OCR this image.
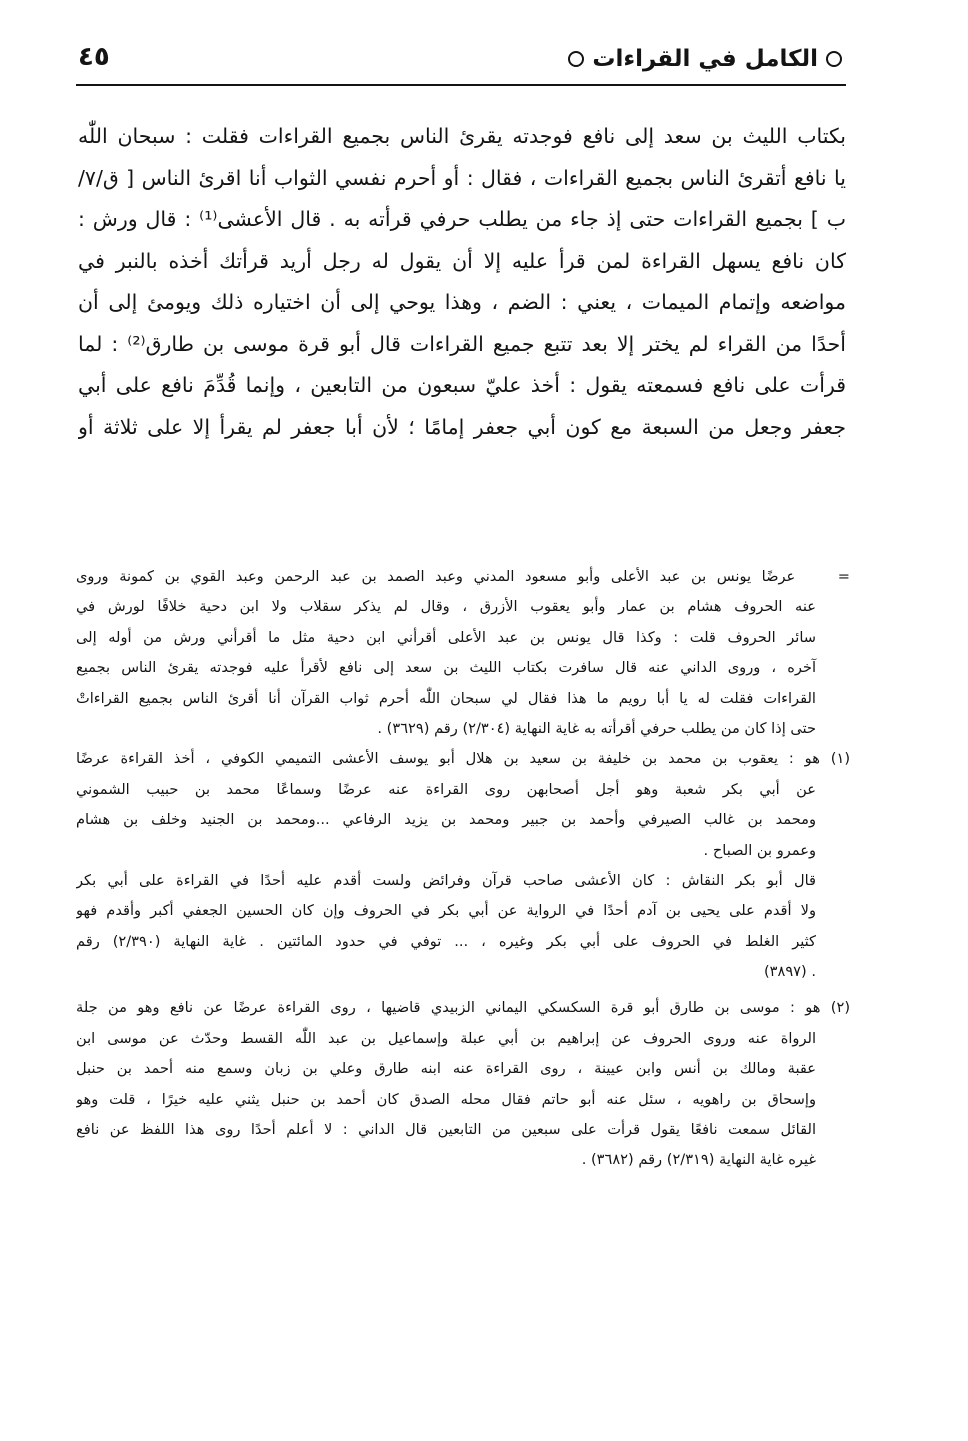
الكامل في القراءات
٤٥
بكتاب الليث بن سعد إلى نافع فوجدته يقرئ الناس بجميع القراءات فقلت : سبحان اللّٰه
يا نافع أتقرئ الناس بجميع القراءات ، فقال : أو أحرم نفسي الثواب أنا اقرئ الناس [ ق/٧/
ب ] بجميع القراءات حتى إذ جاء من يطلب حرفي قرأته به . قال الأعشى⁽¹⁾ : قال ورش :
كان نافع يسهل القراءة لمن قرأ عليه إلا أن يقول له رجل أريد قرأتك أخذه بالنبر في
مواضعه وإتمام الميمات ، يعني : الضم ، وهذا يوحي إلى أن اختياره ذلك ويومئ إلى أن
أحدًا من القراء لم يختر إلا بعد تتبع جميع القراءات قال أبو قرة موسى بن طارق⁽²⁾ : لما
قرأت على نافع فسمعته يقول : أخذ عليّ سبعون من التابعين ، وإنما قُدِّمَ نافع على أبي
جعفر وجعل من السبعة مع كون أبي جعفر إمامًا ؛ لأن أبا جعفر لم يقرأ إلا على ثلاثة أو
=    عرضًا يونس بن عبد الأعلى وأبو مسعود المدني وعبد الصمد بن عبد الرحمن وعبد القوي بن كمونة وروى
عنه الحروف هشام بن عمار وأبو يعقوب الأزرق ، وقال لم يذكر سقلاب ولا ابن دحية خلافًا لورش في
سائر الحروف قلت : وكذا قال يونس بن عبد الأعلى أقرأني ابن دحية مثل ما أقرأني ورش من أوله إلى
آخره ، وروى الداني عنه قال سافرت بكتاب الليث بن سعد إلى نافع لأقرأ عليه فوجدته يقرئ الناس بجميع
القراءات فقلت له يا أبا رويم ما هذا فقال لي سبحان اللّٰه أحرم ثواب القرآن أنا أقرئ الناس بجميع القراءاتْ
حتى إذا كان من يطلب حرفي أقرأته به غاية النهاية (٢/٣٠٤) رقم (٣٦٢٩) .
(١) هو : يعقوب بن محمد بن خليفة بن سعيد بن هلال أبو يوسف الأعشى التميمي الكوفي ، أخذ القراءة عرضًا
عن أبي بكر شعبة وهو أجل أصحابهن روى القراءة عنه عرضًا وسماعًا محمد بن حبيب الشموني
ومحمد بن غالب الصيرفي وأحمد بن جبير ومحمد بن يزيد الرفاعي ...ومحمد بن الجنيد وخلف بن هشام
وعمرو بن الصباح .
قال أبو بكر النقاش : كان الأعشى صاحب قرآن وفرائض ولست أقدم عليه أحدًا في القراءة على أبي بكر
ولا أقدم على يحيى بن آدم أحدًا في الرواية عن أبي بكر في الحروف وإن كان الحسين الجعفي أكبر وأقدم فهو
كثير الغلط في الحروف على أبي بكر وغيره ، ... توفي في حدود المائتين . غاية النهاية (٢/٣٩٠) رقم
. (٣٨٩٧)
(٢) هو : موسى بن طارق أبو قرة السكسكي اليماني الزبيدي قاضيها ، روى القراءة عرضًا عن نافع وهو من جلة
الرواة عنه وروى الحروف عن إبراهيم بن أبي عبلة وإسماعيل بن عبد اللّٰه القسط وحدّث عن موسى ابن
عقبة ومالك بن أنس وابن عيينة ، روى القراءة عنه ابنه طارق وعلي بن زبان وسمع منه أحمد بن حنبل
وإسحاق بن راهويه ، سئل عنه أبو حاتم فقال محله الصدق كان أحمد بن حنبل يثني عليه خيرًا ، قلت وهو
القائل سمعت نافعًا يقول قرأت على سبعين من التابعين قال الداني : لا أعلم أحدًا روى هذا اللفظ عن نافع
غيره غاية النهاية (٢/٣١٩) رقم (٣٦٨٢) .
